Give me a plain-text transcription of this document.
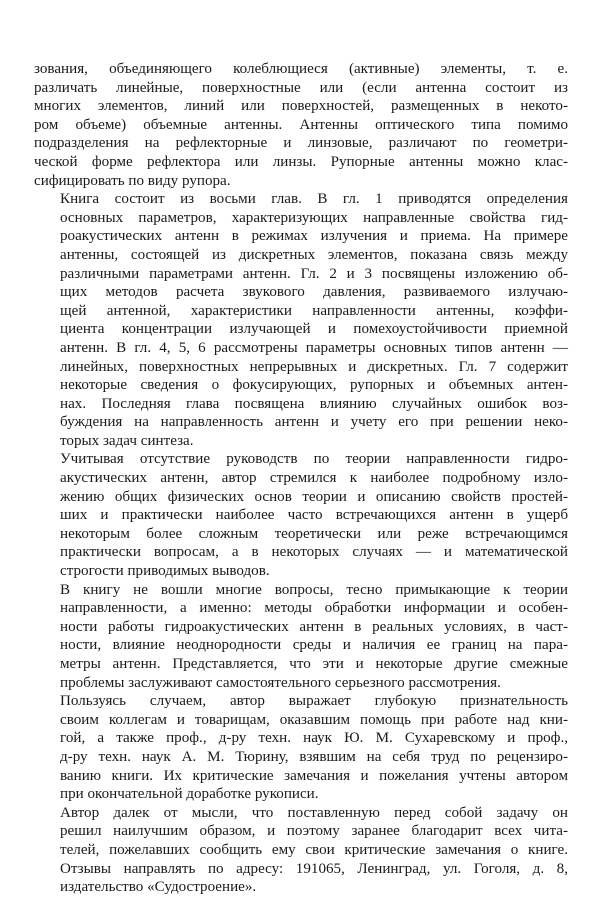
зования, объединяющего колеблющиеся (активные) элементы, т. е.
различать линейные, поверхностные или (если антенна состоит из
многих элементов, линий или поверхностей, размещенных в некото-
ром объеме) объемные антенны. Антенны оптического типа помимо
подразделения на рефлекторные и линзовые, различают по геометри-
ческой форме рефлектора или линзы. Рупорные антенны можно клас-
сифицировать по виду рупора.

Книга состоит из восьми глав. В гл. 1 приводятся определения
основных параметров, характеризующих направленные свойства гид-
роакустических антенн в режимах излучения и приема. На примере
антенны, состоящей из дискретных элементов, показана связь между
различными параметрами антенн. Гл. 2 и 3 посвящены изложению об-
щих методов расчета звукового давления, развиваемого излучаю-
щей антенной, характеристики направленности антенны, коэффи-
циента концентрации излучающей и помехоустойчивости приемной
антенн. В гл. 4, 5, 6 рассмотрены параметры основных типов антенн —
линейных, поверхностных непрерывных и дискретных. Гл. 7 содержит
некоторые сведения о фокусирующих, рупорных и объемных антен-
нах. Последняя глава посвящена влиянию случайных ошибок воз-
буждения на направленность антенн и учету его при решении неко-
торых задач синтеза.

Учитывая отсутствие руководств по теории направленности гидро-
акустических антенн, автор стремился к наиболее подробному изло-
жению общих физических основ теории и описанию свойств простей-
ших и практически наиболее часто встречающихся антенн в ущерб
некоторым более сложным теоретически или реже встречающимся
практически вопросам, а в некоторых случаях — и математической
строгости приводимых выводов.

В книгу не вошли многие вопросы, тесно примыкающие к теории
направленности, а именно: методы обработки информации и особен-
ности работы гидроакустических антенн в реальных условиях, в част-
ности, влияние неоднородности среды и наличия ее границ на пара-
метры антенн. Представляется, что эти и некоторые другие смежные
проблемы заслуживают самостоятельного серьезного рассмотрения.

Пользуясь случаем, автор выражает глубокую признательность
своим коллегам и товарищам, оказавшим помощь при работе над кни-
гой, а также проф., д-ру техн. наук Ю. М. Сухаревскому и проф.,
д-ру техн. наук А. М. Тюрину, взявшим на себя труд по рецензиро-
ванию книги. Их критические замечания и пожелания учтены автором
при окончательной доработке рукописи.

Автор далек от мысли, что поставленную перед собой задачу он
решил наилучшим образом, и поэтому заранее благодарит всех чита-
телей, пожелавших сообщить ему свои критические замечания о книге.
Отзывы направлять по адресу: 191065, Ленинград, ул. Гоголя, д. 8,
издательство «Судостроение».
